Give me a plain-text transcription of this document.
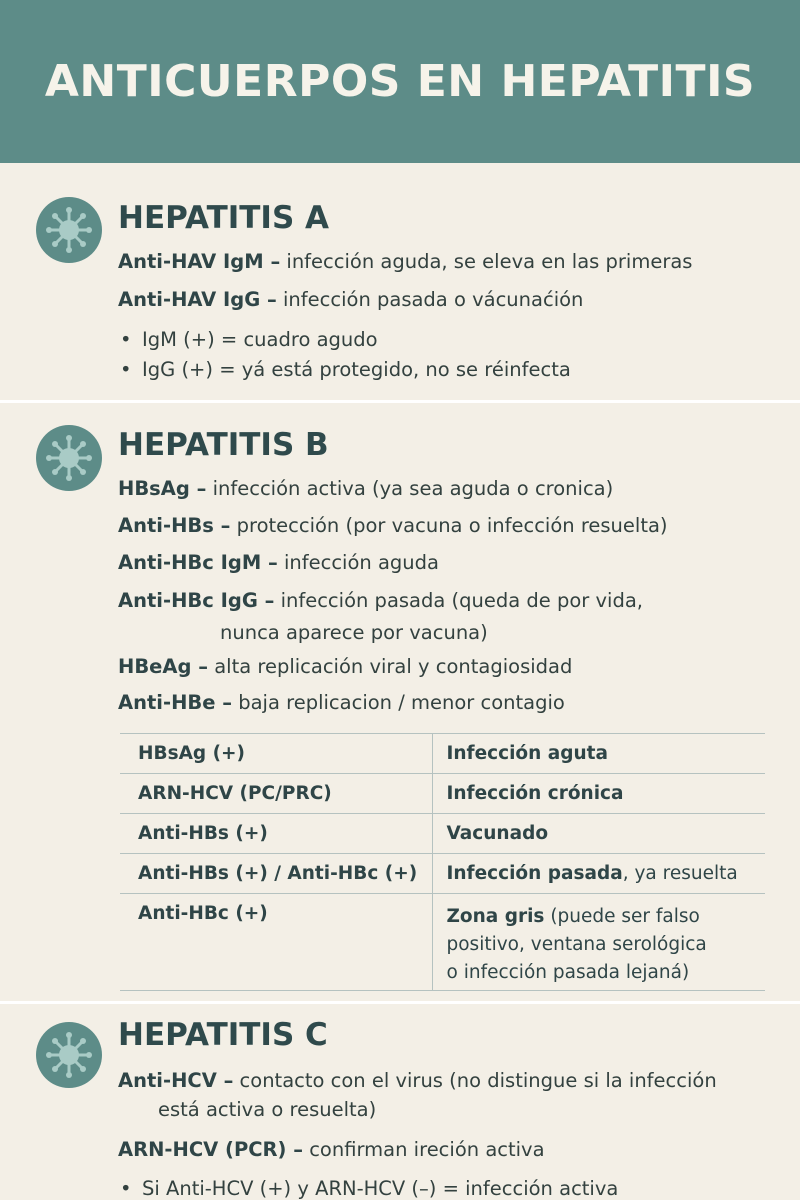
ANTICUERPOS EN HEPATITIS
HEPATITIS A
Anti-HAV IgM – infección aguda, se eleva en las primeras
Anti-HAV IgG – infección pasada o vácunaćión
• IgM (+) = cuadro agudo
• IgG (+) = yá está protegido, no se réinfecta
HEPATITIS B
HBsAg – infección activa (ya sea aguda o cronica)
Anti-HBs – protección (por vacuna o infección resuelta)
Anti-HBc IgM – infección aguda
Anti-HBc IgG – infección pasada (queda de por vida,
nunca aparece por vacuna)
HBeAg – alta replicación viral y contagiosidad
Anti-HBe – baja replicacion / menor contagio
HBsAg (+)	Infección aguta
ARN-HCV (PC/PRC)	Infección crónica
Anti-HBs (+)	Vacunado
Anti-HBs (+) / Anti-HBc (+)	Infección pasada, ya resuelta
Anti-HBc (+)	Zona gris (puede ser falso
positivo, ventana serológica
o infección pasada lejaná)
HEPATITIS C
Anti-HCV – contacto con el virus (no distingue si la infección
está activa o resuelta)
ARN-HCV (PCR) – confirman ireción activa
• Si Anti-HCV (+) y ARN-HCV (–) = infección activa
